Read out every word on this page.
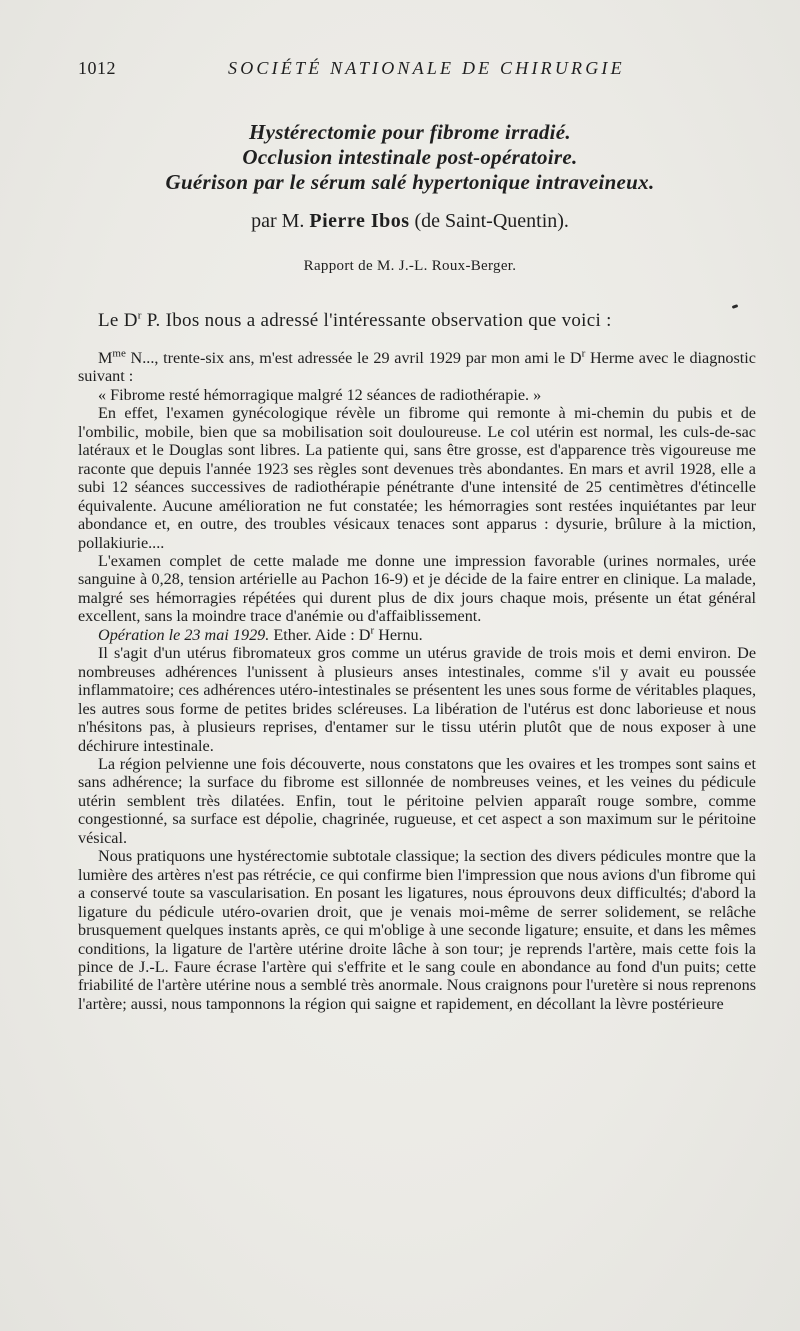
1012	SOCIÉTÉ NATIONALE DE CHIRURGIE
Hystérectomie pour fibrome irradié.
Occlusion intestinale post-opératoire.
Guérison par le sérum salé hypertonique intraveineux.
par M. Pierre Ibos (de Saint-Quentin).
Rapport de M. J.-L. Roux-Berger.
Le $D^r$ P. Ibos nous a adressé l'intéressante observation que voici :

$M^{me}$ N..., trente-six ans, m'est adressée le 29 avril 1929 par mon ami le $D^r$ Herme avec le diagnostic suivant :

« Fibrome resté hémorragique malgré 12 séances de radiothérapie. »

En effet, l'examen gynécologique révèle un fibrome qui remonte à mi-chemin du pubis et de l'ombilic, mobile, bien que sa mobilisation soit douloureuse. Le col utérin est normal, les culs-de-sac latéraux et le Douglas sont libres. La patiente qui, sans être grosse, est d'apparence très vigoureuse me raconte que depuis l'année 1923 ses règles sont devenues très abondantes. En mars et avril 1928, elle a subi 12 séances successives de radiothérapie pénétrante d'une intensité de 25 centimètres d'étincelle équivalente. Aucune amélioration ne fut constatée; les hémorragies sont restées inquiétantes par leur abondance et, en outre, des troubles vésicaux tenaces sont apparus : dysurie, brûlure à la miction, pollakiurie....

L'examen complet de cette malade me donne une impression favorable (urines normales, urée sanguine à 0,28, tension artérielle au Pachon 16-9) et je décide de la faire entrer en clinique. La malade, malgré ses hémorragies répétées qui durent plus de dix jours chaque mois, présente un état général excellent, sans la moindre trace d'anémie ou d'affaiblissement.

Opération le 23 mai 1929. Ether. Aide : $D^r$ Hernu.

Il s'agit d'un utérus fibromateux gros comme un utérus gravide de trois mois et demi environ. De nombreuses adhérences l'unissent à plusieurs anses intestinales, comme s'il y avait eu poussée inflammatoire; ces adhérences utéro-intestinales se présentent les unes sous forme de véritables plaques, les autres sous forme de petites brides scléreuses. La libération de l'utérus est donc laborieuse et nous n'hésitons pas, à plusieurs reprises, d'entamer sur le tissu utérin plutôt que de nous exposer à une déchirure intestinale.

La région pelvienne une fois découverte, nous constatons que les ovaires et les trompes sont sains et sans adhérence; la surface du fibrome est sillonnée de nombreuses veines, et les veines du pédicule utérin semblent très dilatées. Enfin, tout le péritoine pelvien apparaît rouge sombre, comme congestionné, sa surface est dépolie, chagrinée, rugueuse, et cet aspect a son maximum sur le péritoine vésical.

Nous pratiquons une hystérectomie subtotale classique; la section des divers pédicules montre que la lumière des artères n'est pas rétrécie, ce qui confirme bien l'impression que nous avions d'un fibrome qui a conservé toute sa vascularisation. En posant les ligatures, nous éprouvons deux difficultés; d'abord la ligature du pédicule utéro-ovarien droit, que je venais moi-même de serrer solidement, se relâche brusquement quelques instants après, ce qui m'oblige à une seconde ligature; ensuite, et dans les mêmes conditions, la ligature de l'artère utérine droite lâche à son tour; je reprends l'artère, mais cette fois la pince de J.-L. Faure écrase l'artère qui s'effrite et le sang coule en abondance au fond d'un puits; cette friabilité de l'artère utérine nous a semblé très anormale. Nous craignons pour l'uretère si nous reprenons l'artère; aussi, nous tamponnons la région qui saigne et rapidement, en décollant la lèvre postérieure
